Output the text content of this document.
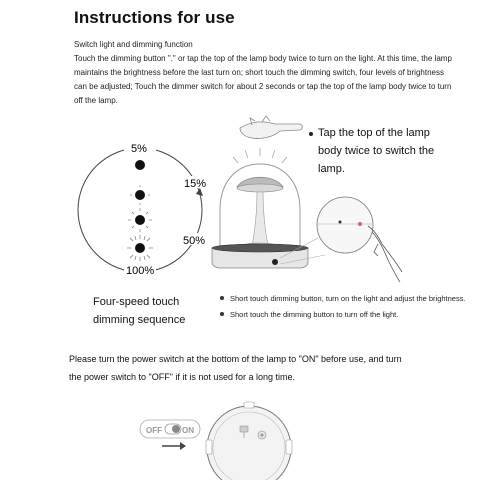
Instructions for use
Switch light and dimming function
Touch the dimming button "." or tap the top of the lamp body twice to turn on the light. At this time, the lamp maintains the brightness before the last turn on; short touch the dimming switch, four levels of brightness can be adjusted; Touch the dimmer switch for about 2 seconds or tap the top of the lamp body twice to turn off the lamp.
5%
15%
50%
100%
OFF	ON
Four-speed touch dimming sequence
Short touch dimming button, turn on the light and adjust the brightness.
Short touch the dimming button to turn off the light.
Tap the top of the lamp body twice to switch the lamp.
Please turn the power switch at the bottom of the lamp to "ON" before use, and turn the power switch to "OFF" if it is not used for a long time.
